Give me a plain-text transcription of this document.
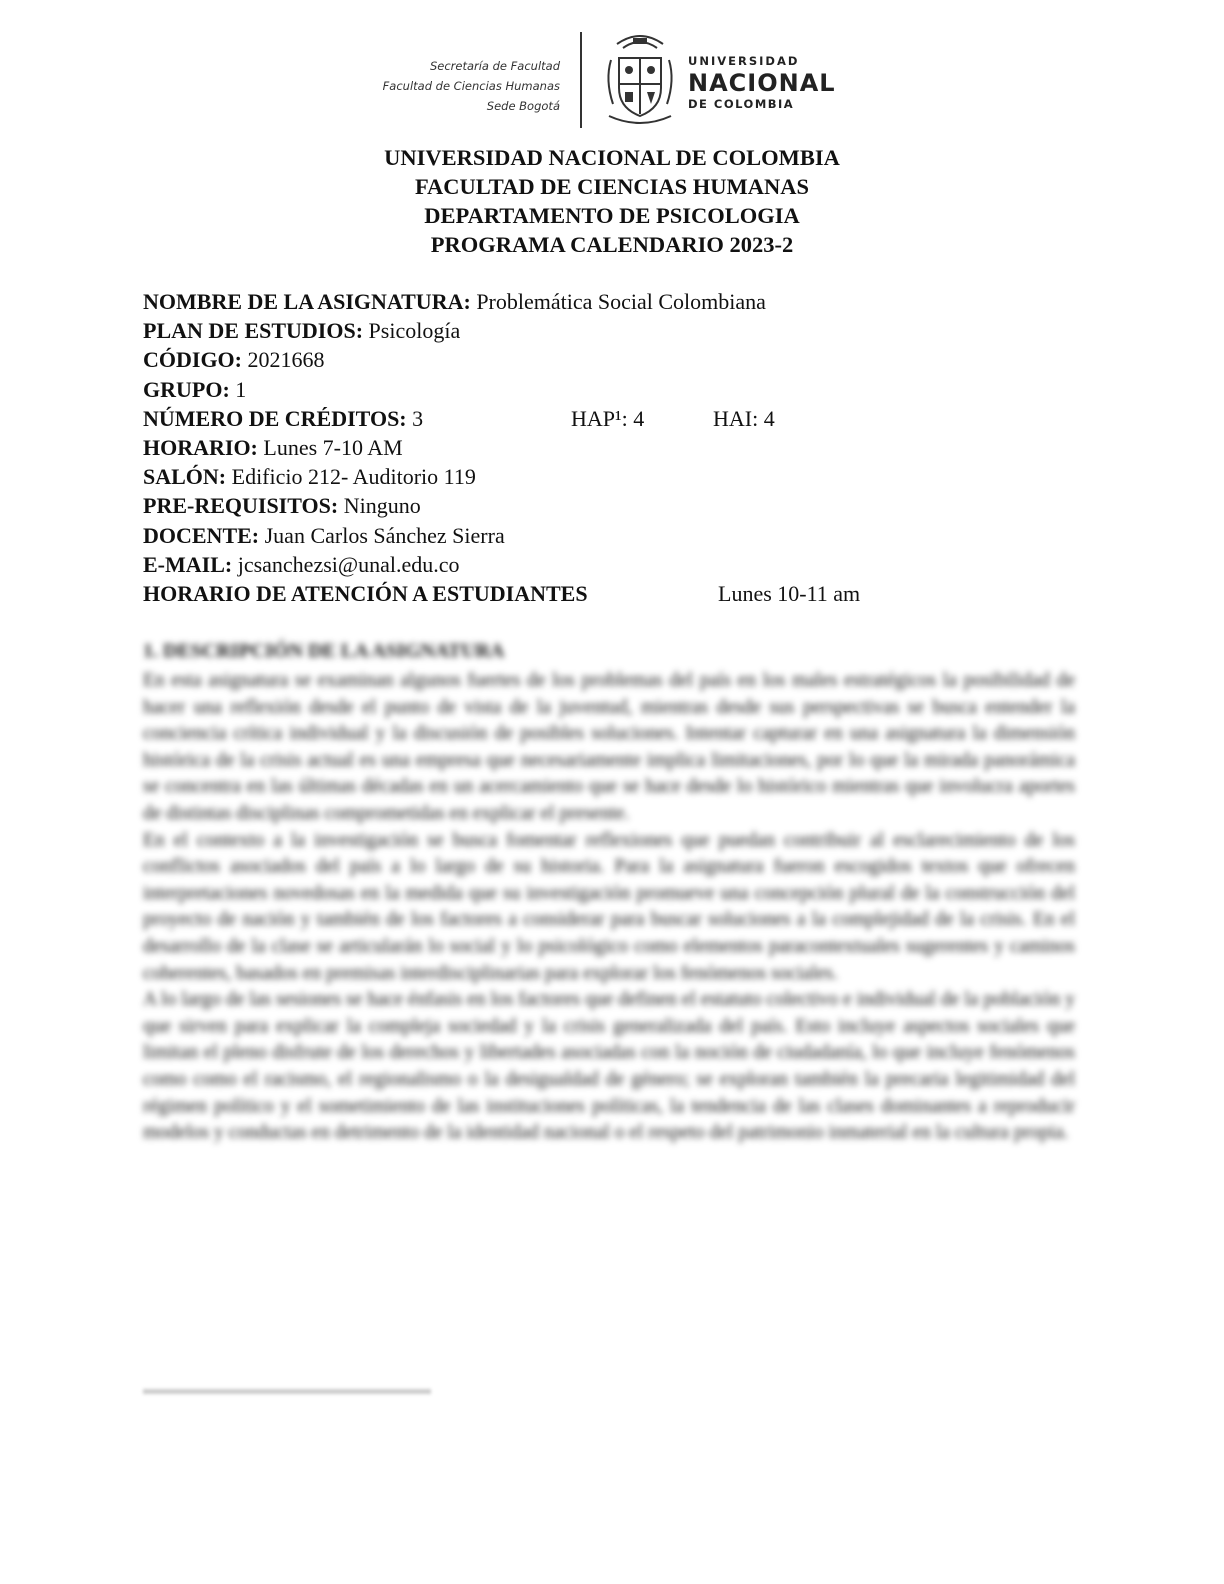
Secretaría de Facultad
Facultad de Ciencias Humanas
Sede Bogotá
UNIVERSIDAD
NACIONAL
DE COLOMBIA
UNIVERSIDAD NACIONAL DE COLOMBIA
FACULTAD DE CIENCIAS HUMANAS
DEPARTAMENTO DE PSICOLOGIA
PROGRAMA CALENDARIO 2023-2
NOMBRE DE LA ASIGNATURA: Problemática Social Colombiana
PLAN DE ESTUDIOS: Psicología
CÓDIGO: 2021668
GRUPO: 1
NÚMERO DE CRÉDITOS: 3	HAP¹: 4	HAI: 4
HORARIO: Lunes 7-10 AM
SALÓN: Edificio 212- Auditorio 119
PRE-REQUISITOS: Ninguno
DOCENTE: Juan Carlos Sánchez Sierra
E-MAIL: jcsanchezsi@unal.edu.co
HORARIO DE ATENCIÓN A ESTUDIANTES	Lunes 10-11 am
1. DESCRIPCIÓN DE LA ASIGNATURA

En esta asignatura se examinan algunos fuertes de los problemas del país en los males estratégicos la posibilidad de hacer una reflexión desde el punto de vista de la juventud, mientras desde sus perspectivas se busca entender la conciencia crítica individual y la discusión de posibles soluciones. Intentar capturar en una asignatura la dimensión histórica de la crisis actual es una empresa que necesariamente implica limitaciones, por lo que la mirada panorámica se concentra en las últimas décadas en un acercamiento que se hace desde lo histórico mientras que involucra aportes de distintas disciplinas comprometidas en explicar el presente.

En el contexto a la investigación se busca fomentar reflexiones que puedan contribuir al esclarecimiento de los conflictos asociados del país a lo largo de su historia. Para la asignatura fueron escogidos textos que ofrecen interpretaciones novedosas en la medida que su investigación promueve una concepción plural de la construcción del proyecto de nación y también de los factores a considerar para buscar soluciones a la complejidad de la crisis. En el desarrollo de la clase se articularán lo social y lo psicológico como elementos paracontextuales sugerentes y caminos coherentes, basados en premisas interdisciplinarias para explorar los fenómenos sociales.

A lo largo de las sesiones se hace énfasis en los factores que definen el estatuto colectivo e individual de la población y que sirven para explicar la compleja sociedad y la crisis generalizada del país. Esto incluye aspectos sociales que limitan el pleno disfrute de los derechos y libertades asociadas con la noción de ciudadanía, lo que incluye fenómenos como como el racismo, el regionalismo o la desigualdad de género; se exploran también la precaria legitimidad del régimen político y el sometimiento de las instituciones políticas, la tendencia de las clases dominantes a reproducir modelos y conductas en detrimento de la identidad nacional o el respeto del patrimonio inmaterial en la cultura propia.
